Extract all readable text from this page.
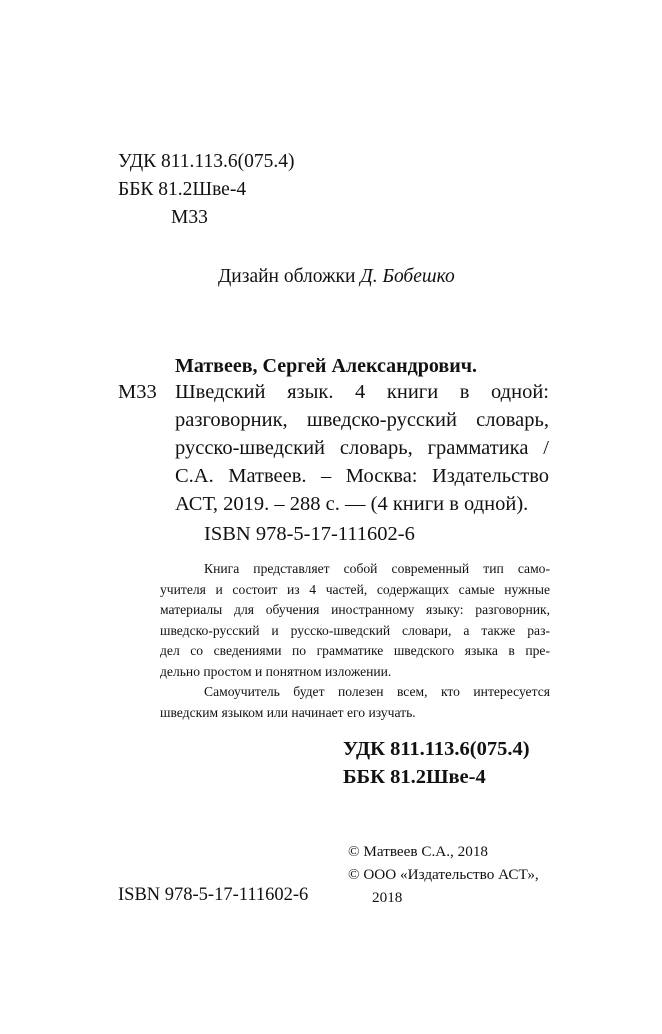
УДК 811.113.6(075.4)
ББК 81.2Шве-4
М33
Дизайн обложки Д. Бобешко
Матвеев, Сергей Александрович.
М33 Шведский язык. 4 книги в одной:
разговорник, шведско-русский словарь,
русско-шведский словарь, грамматика /
С.А. Матвеев. – Москва: Издательство
АСТ, 2019. – 288 с. — (4 книги в одной).
ISBN 978-5-17-111602-6
Книга представляет собой современный тип само-
учителя и состоит из 4 частей, содержащих самые нужные
материалы для обучения иностранному языку: разговорник,
шведско-русский и русско-шведский словари, а также раз-
дел со сведениями по грамматике шведского языка в пре-
дельно простом и понятном изложении.
Самоучитель будет полезен всем, кто интересуется
шведским языком или начинает его изучать.
УДК 811.113.6(075.4)
ББК 81.2Шве-4
© Матвеев С.А., 2018
© ООО «Издательство АСТ»,
2018
ISBN 978-5-17-111602-6
